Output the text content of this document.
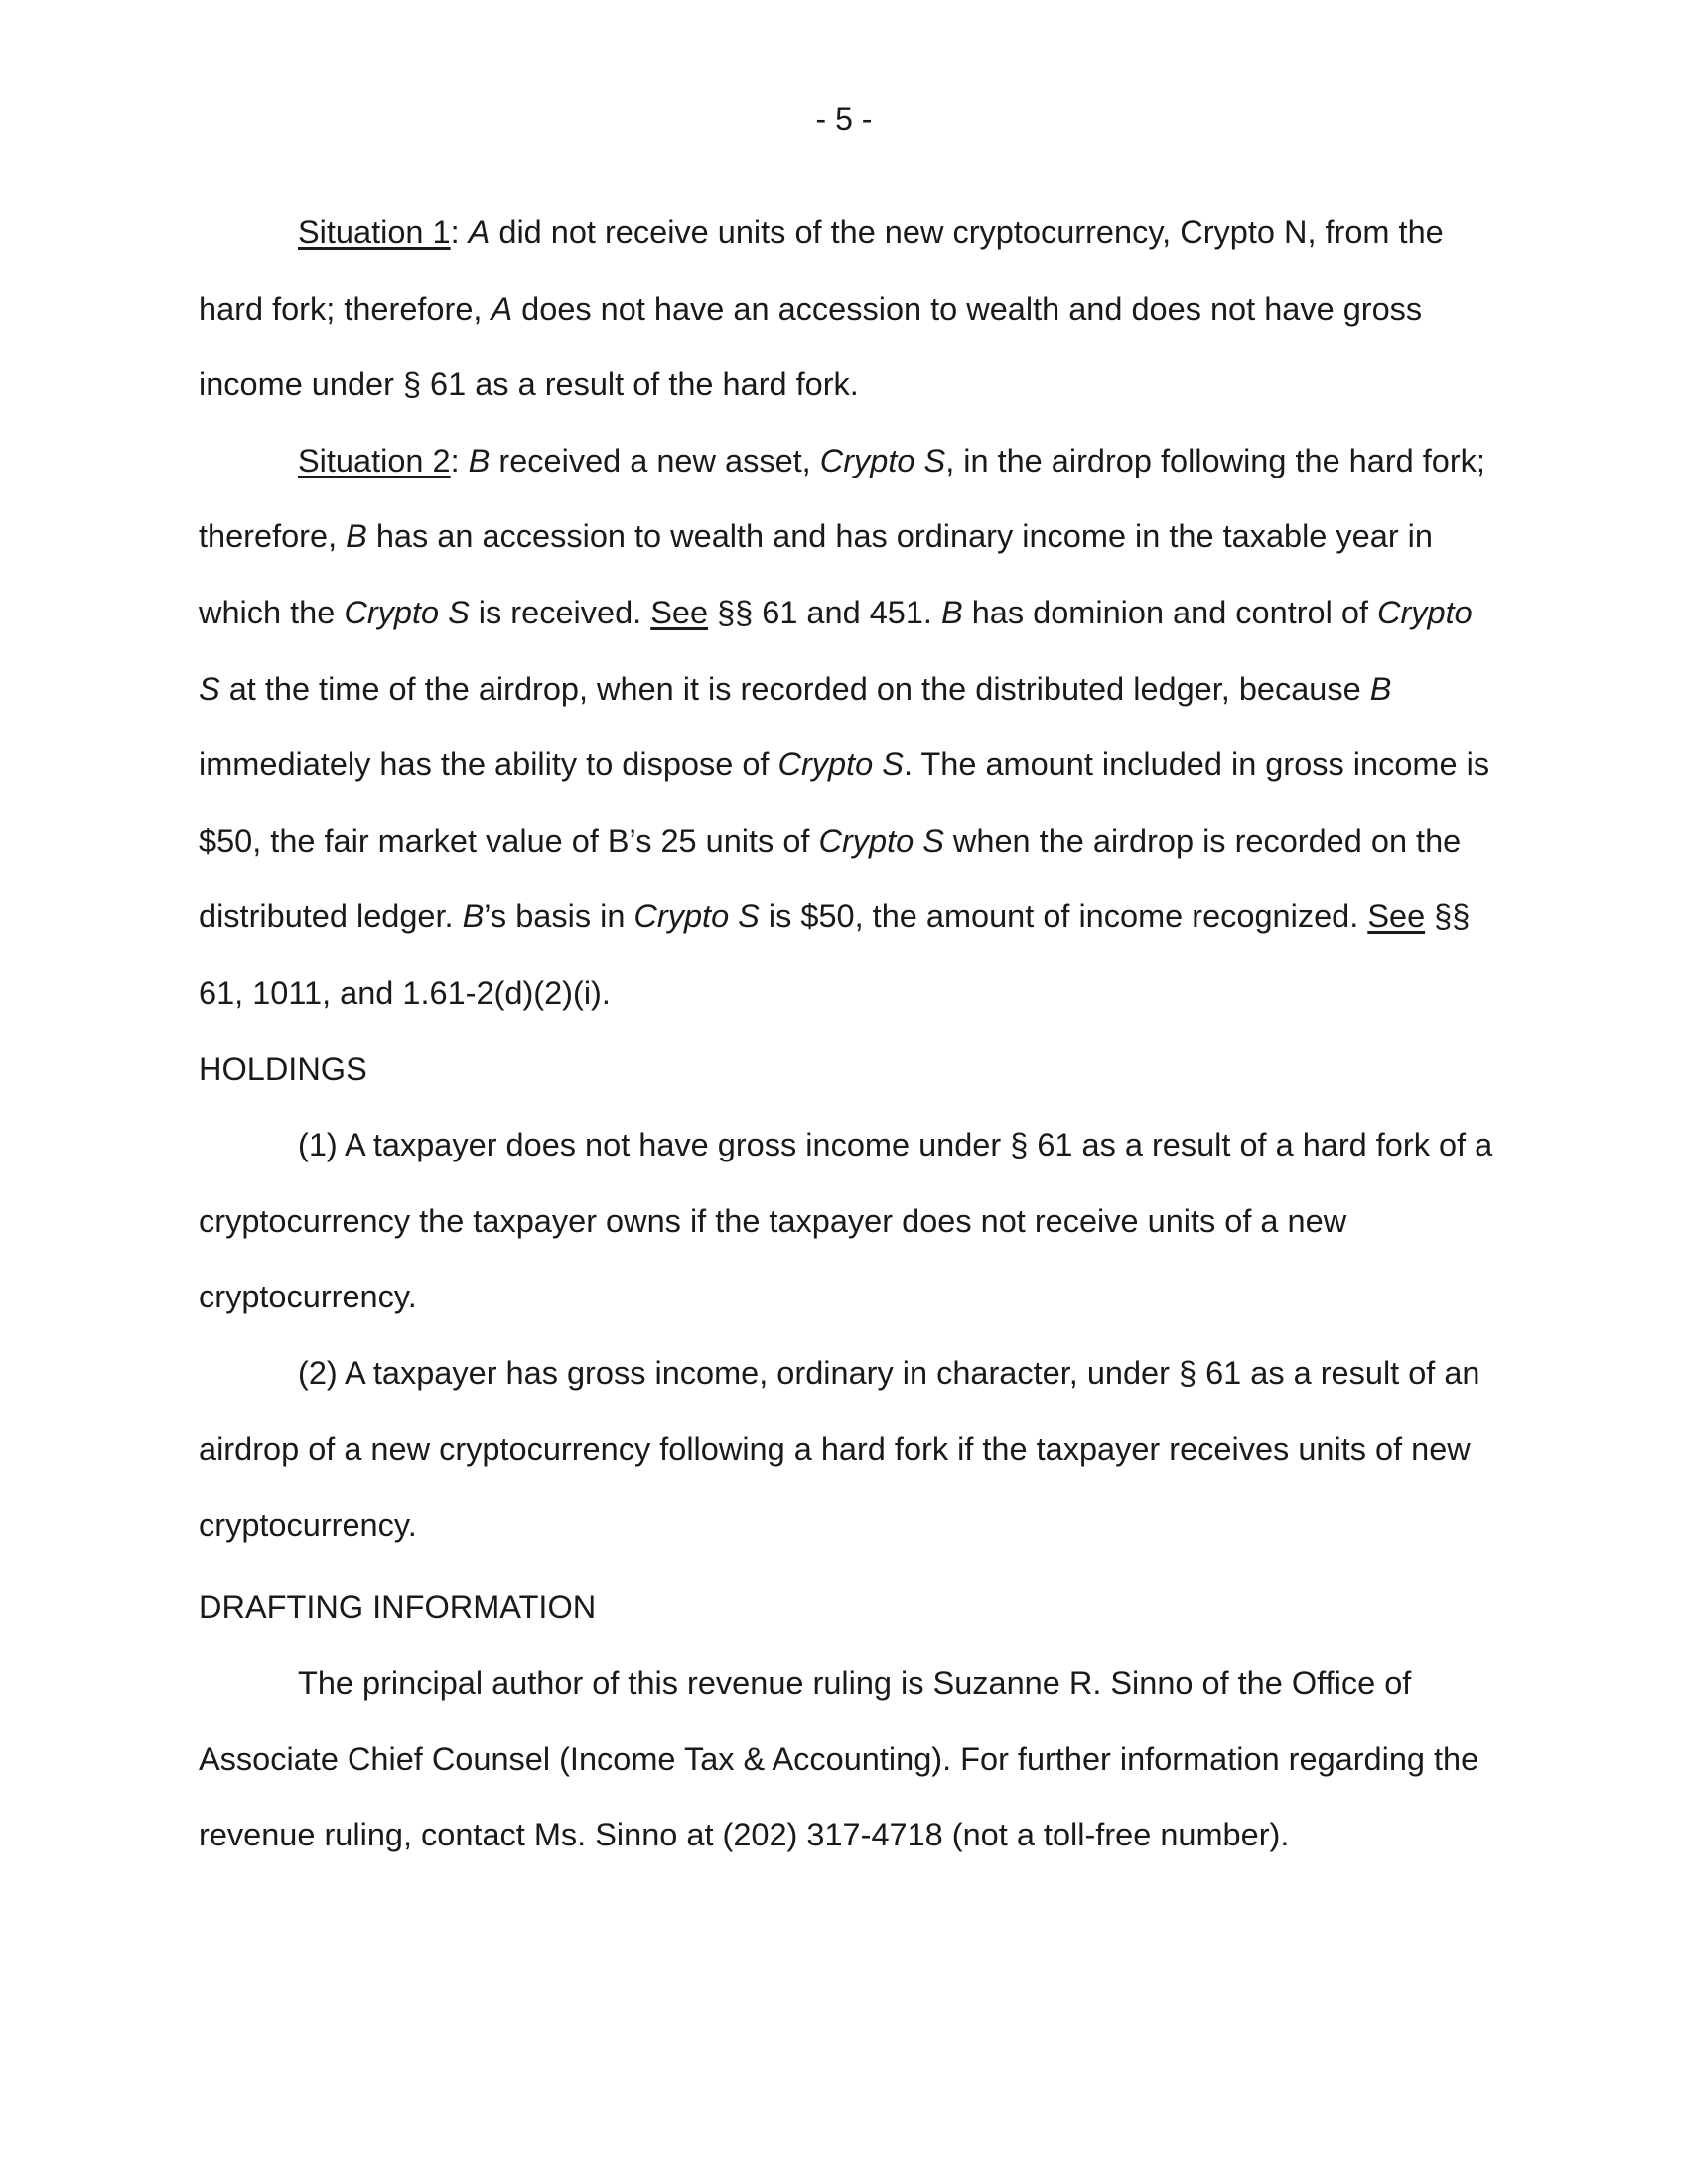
- 5 -

Situation 1: A did not receive units of the new cryptocurrency, Crypto N, from the hard fork; therefore, A does not have an accession to wealth and does not have gross income under § 61 as a result of the hard fork.

Situation 2: B received a new asset, Crypto S, in the airdrop following the hard fork; therefore, B has an accession to wealth and has ordinary income in the taxable year in which the Crypto S is received. See §§ 61 and 451. B has dominion and control of Crypto S at the time of the airdrop, when it is recorded on the distributed ledger, because B immediately has the ability to dispose of Crypto S. The amount included in gross income is $50, the fair market value of B’s 25 units of Crypto S when the airdrop is recorded on the distributed ledger. B’s basis in Crypto S is $50, the amount of income recognized. See §§ 61, 1011, and 1.61-2(d)(2)(i).

HOLDINGS

(1) A taxpayer does not have gross income under § 61 as a result of a hard fork of a cryptocurrency the taxpayer owns if the taxpayer does not receive units of a new cryptocurrency.

(2) A taxpayer has gross income, ordinary in character, under § 61 as a result of an airdrop of a new cryptocurrency following a hard fork if the taxpayer receives units of new cryptocurrency.

DRAFTING INFORMATION

The principal author of this revenue ruling is Suzanne R. Sinno of the Office of Associate Chief Counsel (Income Tax & Accounting). For further information regarding the revenue ruling, contact Ms. Sinno at (202) 317-4718 (not a toll-free number).
